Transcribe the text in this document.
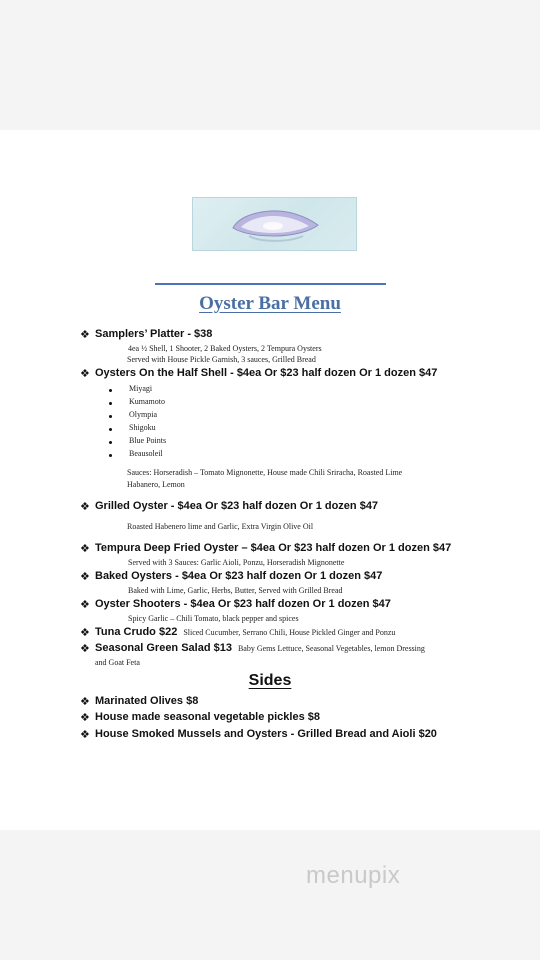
Oyster Bar Menu
❖ Samplers’ Platter - $38
4ea ½ Shell, 1 Shooter, 2 Baked Oysters, 2 Tempura Oysters
Served with House Pickle Garnish, 3 sauces, Grilled Bread
❖ Oysters On the Half Shell - $4ea Or $23 half dozen Or 1 dozen $47
Miyagi
Kumamoto
Olympia
Shigoku
Blue Points
Beausoleil
Sauces: Horseradish – Tomato Mignonette, House made Chili Sriracha, Roasted Lime
Habanero, Lemon
❖ Grilled Oyster - $4ea Or $23 half dozen Or 1 dozen $47
Roasted Habenero lime and Garlic, Extra Virgin Olive Oil
❖ Tempura Deep Fried Oyster – $4ea Or $23 half dozen Or 1 dozen $47
Served with 3 Sauces: Garlic Aioli, Ponzu, Horseradish Mignonette
❖ Baked Oysters - $4ea Or $23 half dozen Or 1 dozen $47
Baked with Lime, Garlic, Herbs, Butter, Served with Grilled Bread
❖ Oyster Shooters - $4ea Or $23 half dozen Or 1 dozen $47
Spicy Garlic – Chili Tomato, black pepper and spices
❖ Tuna Crudo $22 Sliced Cucumber, Serrano Chili, House Pickled Ginger and Ponzu
❖ Seasonal Green Salad $13 Baby Gems Lettuce, Seasonal Vegetables, lemon Dressing
and Goat Feta
Sides
❖ Marinated Olives $8
❖ House made seasonal vegetable pickles $8
❖ House Smoked Mussels and Oysters - Grilled Bread and Aioli $20
menupix
